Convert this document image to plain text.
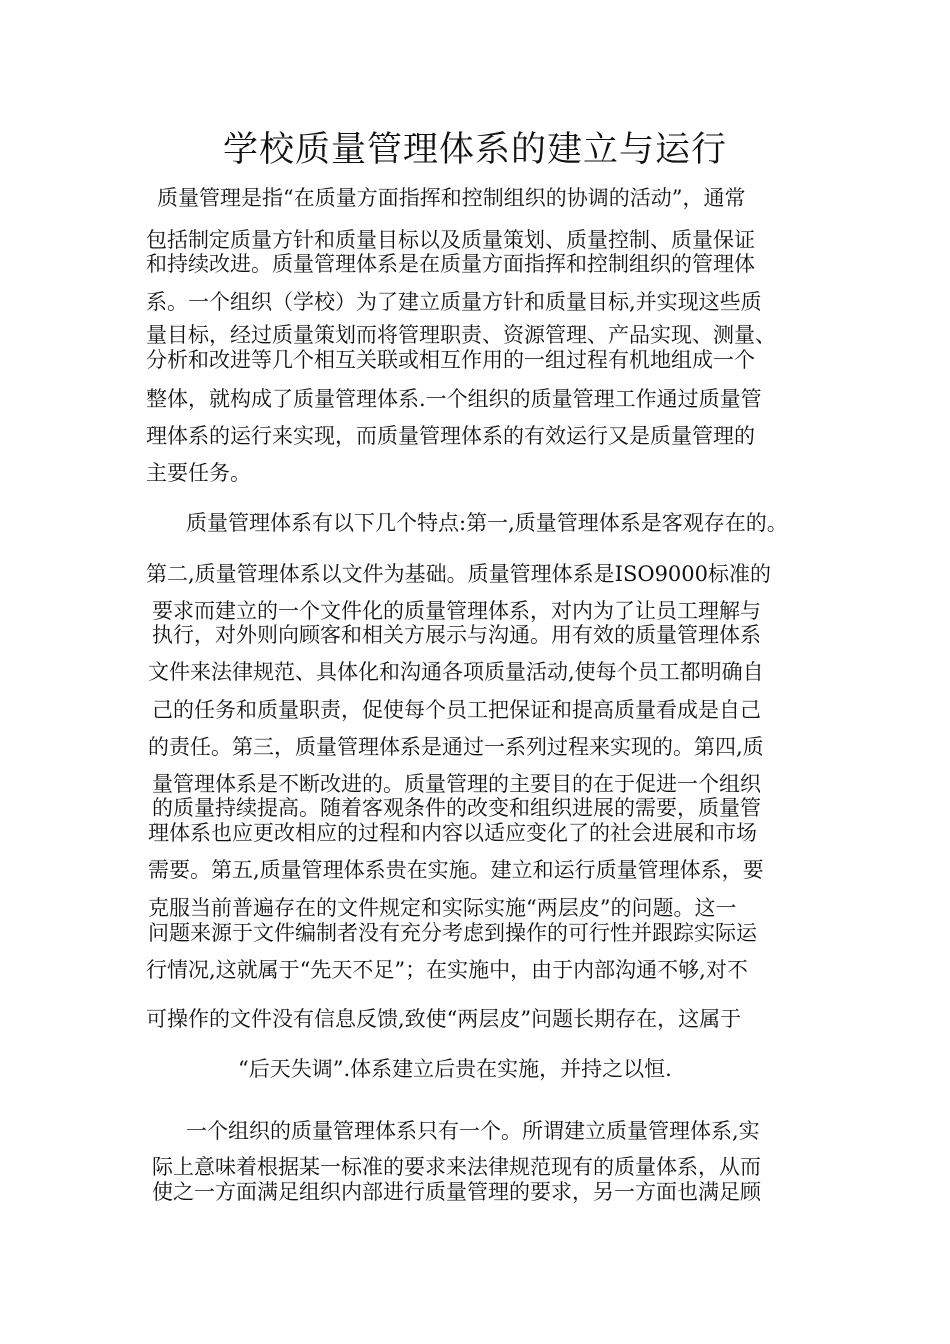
学校质量管理体系的建立与运行
质量管理是指“在质量方面指挥和控制组织的协调的活动”，通常
包括制定质量方针和质量目标以及质量策划、质量控制、质量保证
和持续改进。质量管理体系是在质量方面指挥和控制组织的管理体
系。一个组织（学校）为了建立质量方针和质量目标,并实现这些质
量目标，经过质量策划而将管理职责、资源管理、产品实现、测量、
分析和改进等几个相互关联或相互作用的一组过程有机地组成一个
整体，就构成了质量管理体系.一个组织的质量管理工作通过质量管
理体系的运行来实现，而质量管理体系的有效运行又是质量管理的
主要任务。
质量管理体系有以下几个特点:第一,质量管理体系是客观存在的。
第二,质量管理体系以文件为基础。质量管理体系是ISO9000标准的
要求而建立的一个文件化的质量管理体系，对内为了让员工理解与
执行，对外则向顾客和相关方展示与沟通。用有效的质量管理体系
文件来法律规范、具体化和沟通各项质量活动,使每个员工都明确自
己的任务和质量职责，促使每个员工把保证和提高质量看成是自己
的责任。第三，质量管理体系是通过一系列过程来实现的。第四,质
量管理体系是不断改进的。质量管理的主要目的在于促进一个组织
的质量持续提高。随着客观条件的改变和组织进展的需要，质量管
理体系也应更改相应的过程和内容以适应变化了的社会进展和市场
需要。第五,质量管理体系贵在实施。建立和运行质量管理体系，要
克服当前普遍存在的文件规定和实际实施“两层皮”的问题。这一
问题来源于文件编制者没有充分考虑到操作的可行性并跟踪实际运
行情况,这就属于“先天不足”；在实施中，由于内部沟通不够,对不
可操作的文件没有信息反馈,致使“两层皮”问题长期存在，这属于
“后天失调”.体系建立后贵在实施，并持之以恒.
一个组织的质量管理体系只有一个。所谓建立质量管理体系,实
际上意味着根据某一标准的要求来法律规范现有的质量体系，从而
使之一方面满足组织内部进行质量管理的要求，另一方面也满足顾
